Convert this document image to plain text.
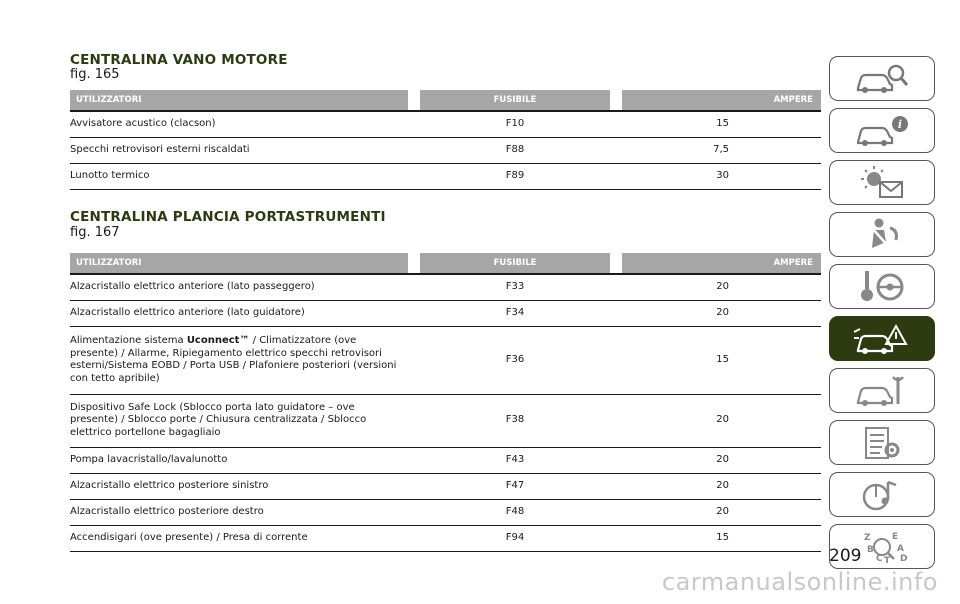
CENTRALINA VANO MOTORE
fig. 165
UTILIZZATORI		FUSIBILE		AMPERE
Avvisatore acustico (clacson)		F10		15
Specchi retrovisori esterni riscaldati		F88		7,5
Lunotto termico		F89		30
CENTRALINA PLANCIA PORTASTRUMENTI
fig. 167
UTILIZZATORI		FUSIBILE		AMPERE
Alzacristallo elettrico anteriore (lato passeggero)		F33		20
Alzacristallo elettrico anteriore (lato guidatore)		F34		20
Alimentazione sistema Uconnect™ / Climatizzatore (ove presente) / Allarme, Ripiegamento elettrico specchi retrovisori esterni/Sistema EOBD / Porta USB / Plafoniere posteriori (versioni con tetto apribile)		F36		15
Dispositivo Safe Lock (Sblocco porta lato guidatore – ove presente) / Sblocco porte / Chiusura centralizzata / Sblocco elettrico portellone bagagliaio		F38		20
Pompa lavacristallo/lavalunotto		F43		20
Alzacristallo elettrico posteriore sinistro		F47		20
Alzacristallo elettrico posteriore destro		F48		20
Accendisigari (ove presente) / Presa di corrente		F94		15
i
Z E
B	A
C D
T
209
carmanualsonline.info
